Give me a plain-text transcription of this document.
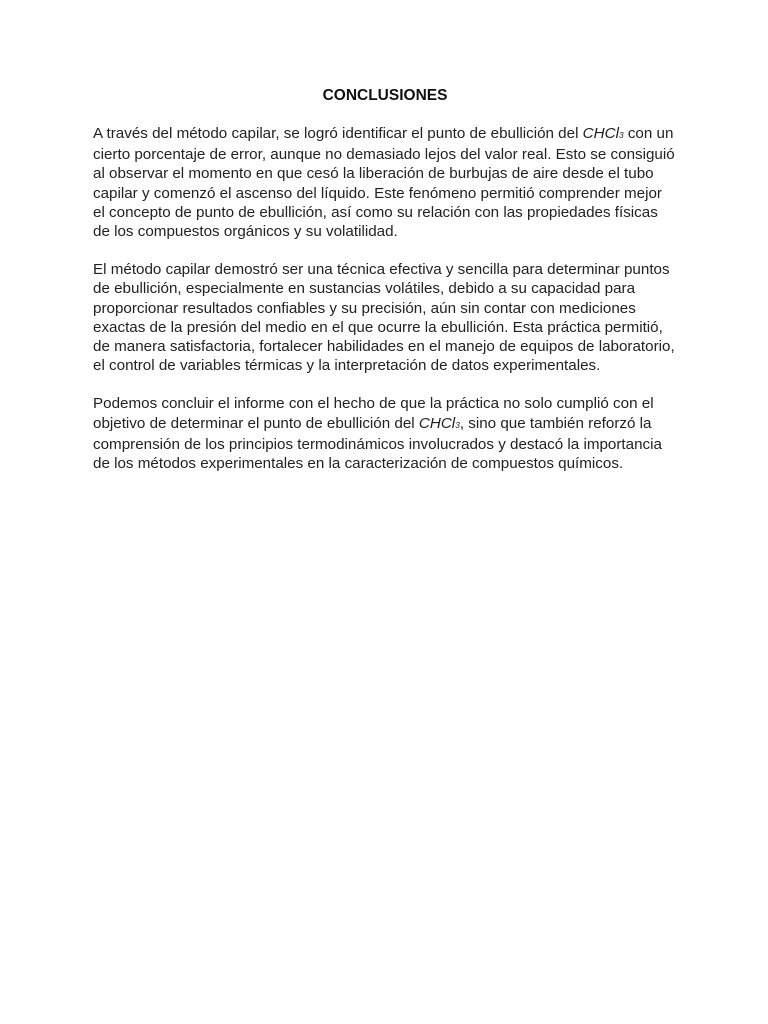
CONCLUSIONES

A través del método capilar, se logró identificar el punto de ebullición del CHCl$_3$ con un cierto porcentaje de error, aunque no demasiado lejos del valor real. Esto se consiguió al observar el momento en que cesó la liberación de burbujas de aire desde el tubo capilar y comenzó el ascenso del líquido. Este fenómeno permitió comprender mejor el concepto de punto de ebullición, así como su relación con las propiedades físicas de los compuestos orgánicos y su volatilidad.

El método capilar demostró ser una técnica efectiva y sencilla para determinar puntos de ebullición, especialmente en sustancias volátiles, debido a su capacidad para proporcionar resultados confiables y su precisión, aún sin contar con mediciones exactas de la presión del medio en el que ocurre la ebullición. Esta práctica permitió, de manera satisfactoria, fortalecer habilidades en el manejo de equipos de laboratorio, el control de variables térmicas y la interpretación de datos experimentales.

Podemos concluir el informe con el hecho de que la práctica no solo cumplió con el objetivo de determinar el punto de ebullición del CHCl$_3$, sino que también reforzó la comprensión de los principios termodinámicos involucrados y destacó la importancia de los métodos experimentales en la caracterización de compuestos químicos.
